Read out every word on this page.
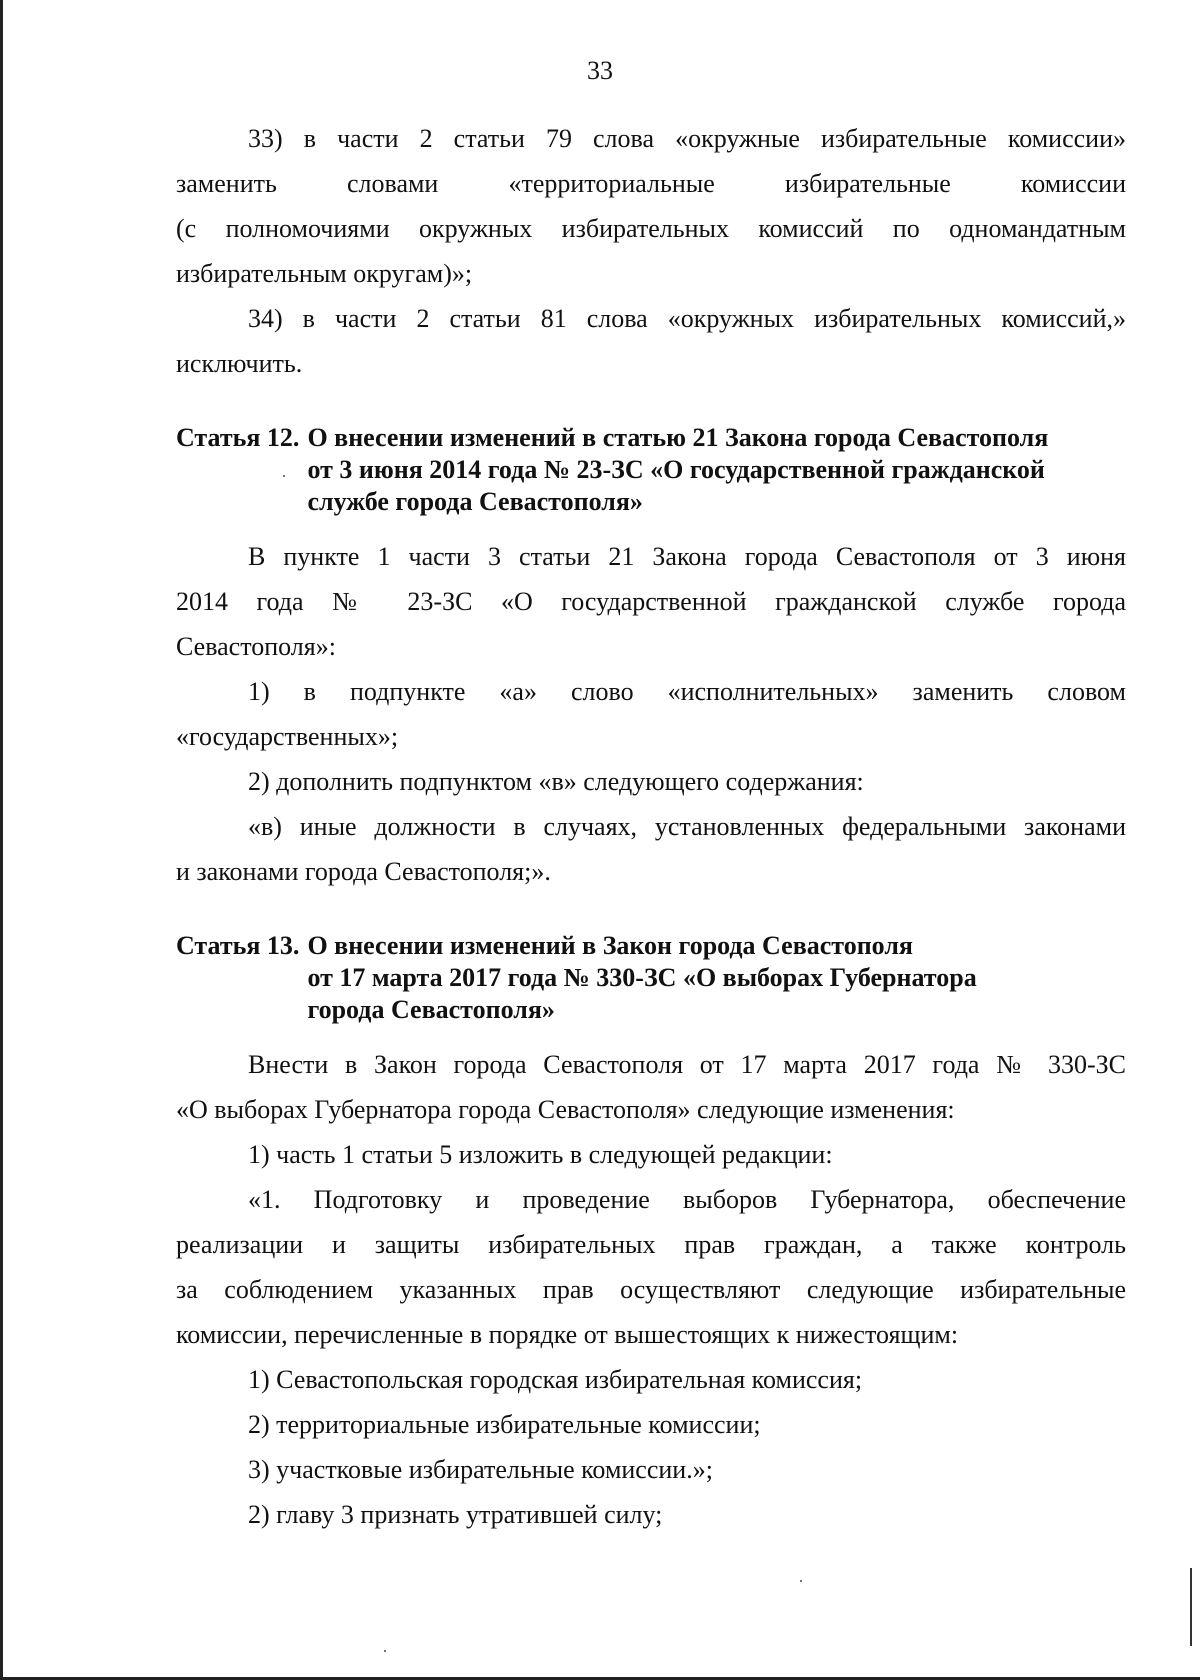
33

33) в части 2 статьи 79 слова «окружные избирательные комиссии»

заменить словами «территориальные избирательные комиссии

(с полномочиями окружных избирательных комиссий по одномандатным

избирательным округам)»;

34) в части 2 статьи 81 слова «окружных избирательных комиссий,»

исключить.

Статья 12. О внесении изменений в статью 21 Закона города Севастополя
от 3 июня 2014 года № 23-ЗС «О государственной гражданской
службе города Севастополя»

В пункте 1 части 3 статьи 21 Закона города Севастополя от 3 июня

2014 года № 23-ЗС «О государственной гражданской службе города

Севастополя»:

1) в подпункте «а» слово «исполнительных» заменить словом

«государственных»;

2) дополнить подпунктом «в» следующего содержания:

«в) иные должности в случаях, установленных федеральными законами

и законами города Севастополя;».

Статья 13. О внесении изменений в Закон города Севастополя
от 17 марта 2017 года № 330-ЗС «О выборах Губернатора
города Севастополя»

Внести в Закон города Севастополя от 17 марта 2017 года № 330-ЗС

«О выборах Губернатора города Севастополя» следующие изменения:

1) часть 1 статьи 5 изложить в следующей редакции:

«1. Подготовку и проведение выборов Губернатора, обеспечение

реализации и защиты избирательных прав граждан, а также контроль

за соблюдением указанных прав осуществляют следующие избирательные

комиссии, перечисленные в порядке от вышестоящих к нижестоящим:

1) Севастопольская городская избирательная комиссия;

2) территориальные избирательные комиссии;

3) участковые избирательные комиссии.»;

2) главу 3 признать утратившей силу;
